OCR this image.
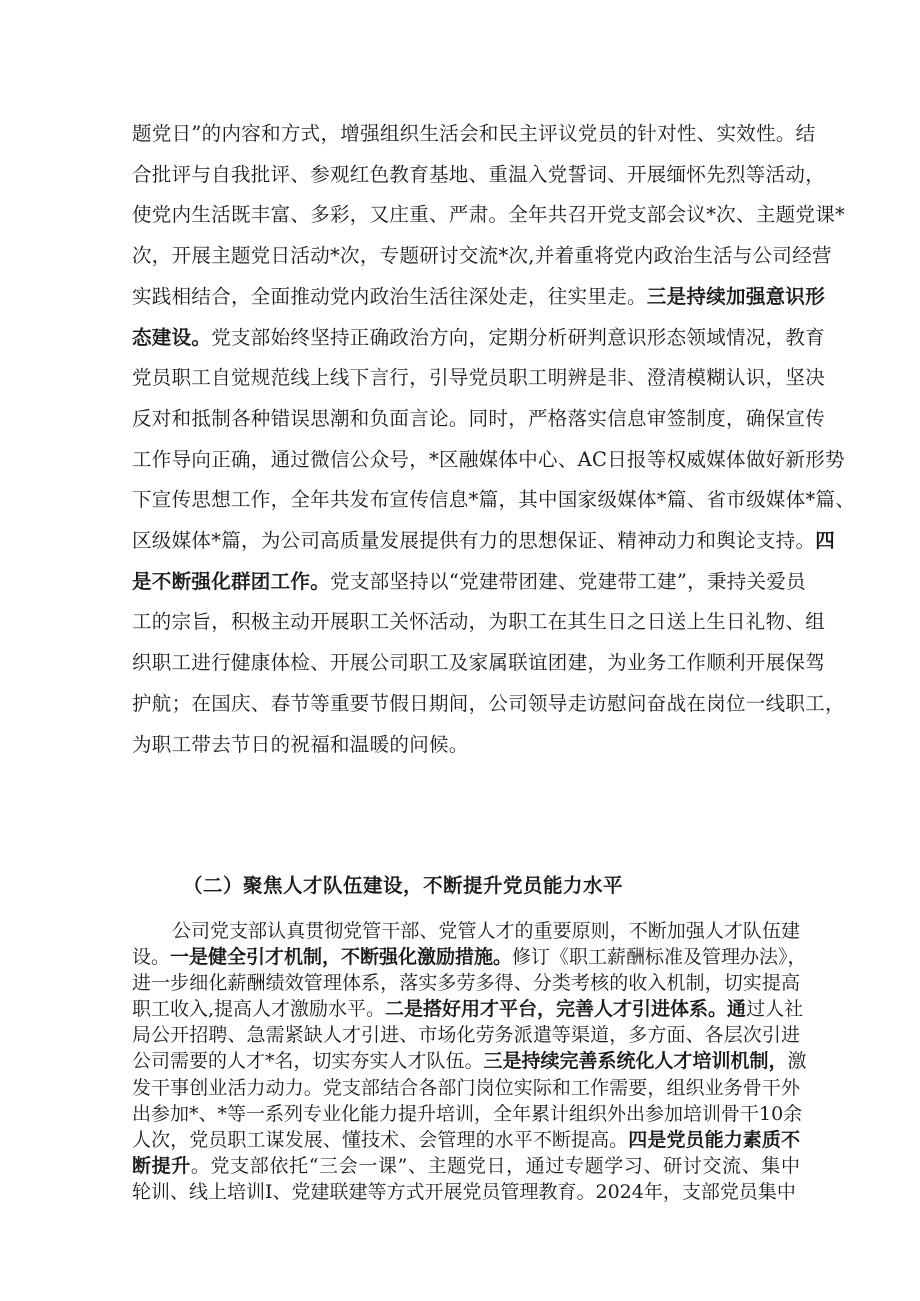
题党日”的内容和方式，增强组织生活会和民主评议党员的针对性、实效性。结
合批评与自我批评、参观红色教育基地、重温入党誓词、开展缅怀先烈等活动，
使党内生活既丰富、多彩，又庄重、严肃。全年共召开党支部会议*次、主题党课*
次，开展主题党日活动*次，专题研讨交流*次,并着重将党内政治生活与公司经营
实践相结合，全面推动党内政治生活往深处走，往实里走。三是持续加强意识形
态建设。党支部始终坚持正确政治方向，定期分析研判意识形态领域情况，教育
党员职工自觉规范线上线下言行，引导党员职工明辨是非、澄清模糊认识，坚决
反对和抵制各种错误思潮和负面言论。同时，严格落实信息审签制度，确保宣传
工作导向正确，通过微信公众号，*区融媒体中心、AC日报等权威媒体做好新形势
下宣传思想工作，全年共发布宣传信息*篇，其中国家级媒体*篇、省市级媒体*篇、
区级媒体*篇，为公司高质量发展提供有力的思想保证、精神动力和舆论支持。四
是不断强化群团工作。党支部坚持以“党建带团建、党建带工建”，秉持关爱员
工的宗旨，积极主动开展职工关怀活动，为职工在其生日之日送上生日礼物、组
织职工进行健康体检、开展公司职工及家属联谊团建，为业务工作顺利开展保驾
护航；在国庆、春节等重要节假日期间，公司领导走访慰问奋战在岗位一线职工，
为职工带去节日的祝福和温暖的问候。
（二）聚焦人才队伍建设，不断提升党员能力水平
公司党支部认真贯彻党管干部、党管人才的重要原则，不断加强人才队伍建
设。一是健全引才机制，不断强化激励措施。修订《职工薪酬标准及管理办法》，
进一步细化薪酬绩效管理体系，落实多劳多得、分类考核的收入机制，切实提高
职工收入,提高人才激励水平。二是搭好用才平台，完善人才引进体系。通过人社
局公开招聘、急需紧缺人才引进、市场化劳务派遣等渠道，多方面、各层次引进
公司需要的人才*名，切实夯实人才队伍。三是持续完善系统化人才培训机制，激
发干事创业活力动力。党支部结合各部门岗位实际和工作需要，组织业务骨干外
出参加*、*等一系列专业化能力提升培训，全年累计组织外出参加培训骨干10余
人次，党员职工谋发展、懂技术、会管理的水平不断提高。四是党员能力素质不
断提升。党支部依托“三会一课”、主题党日，通过专题学习、研讨交流、集中
轮训、线上培训I、党建联建等方式开展党员管理教育。2024年，支部党员集中
